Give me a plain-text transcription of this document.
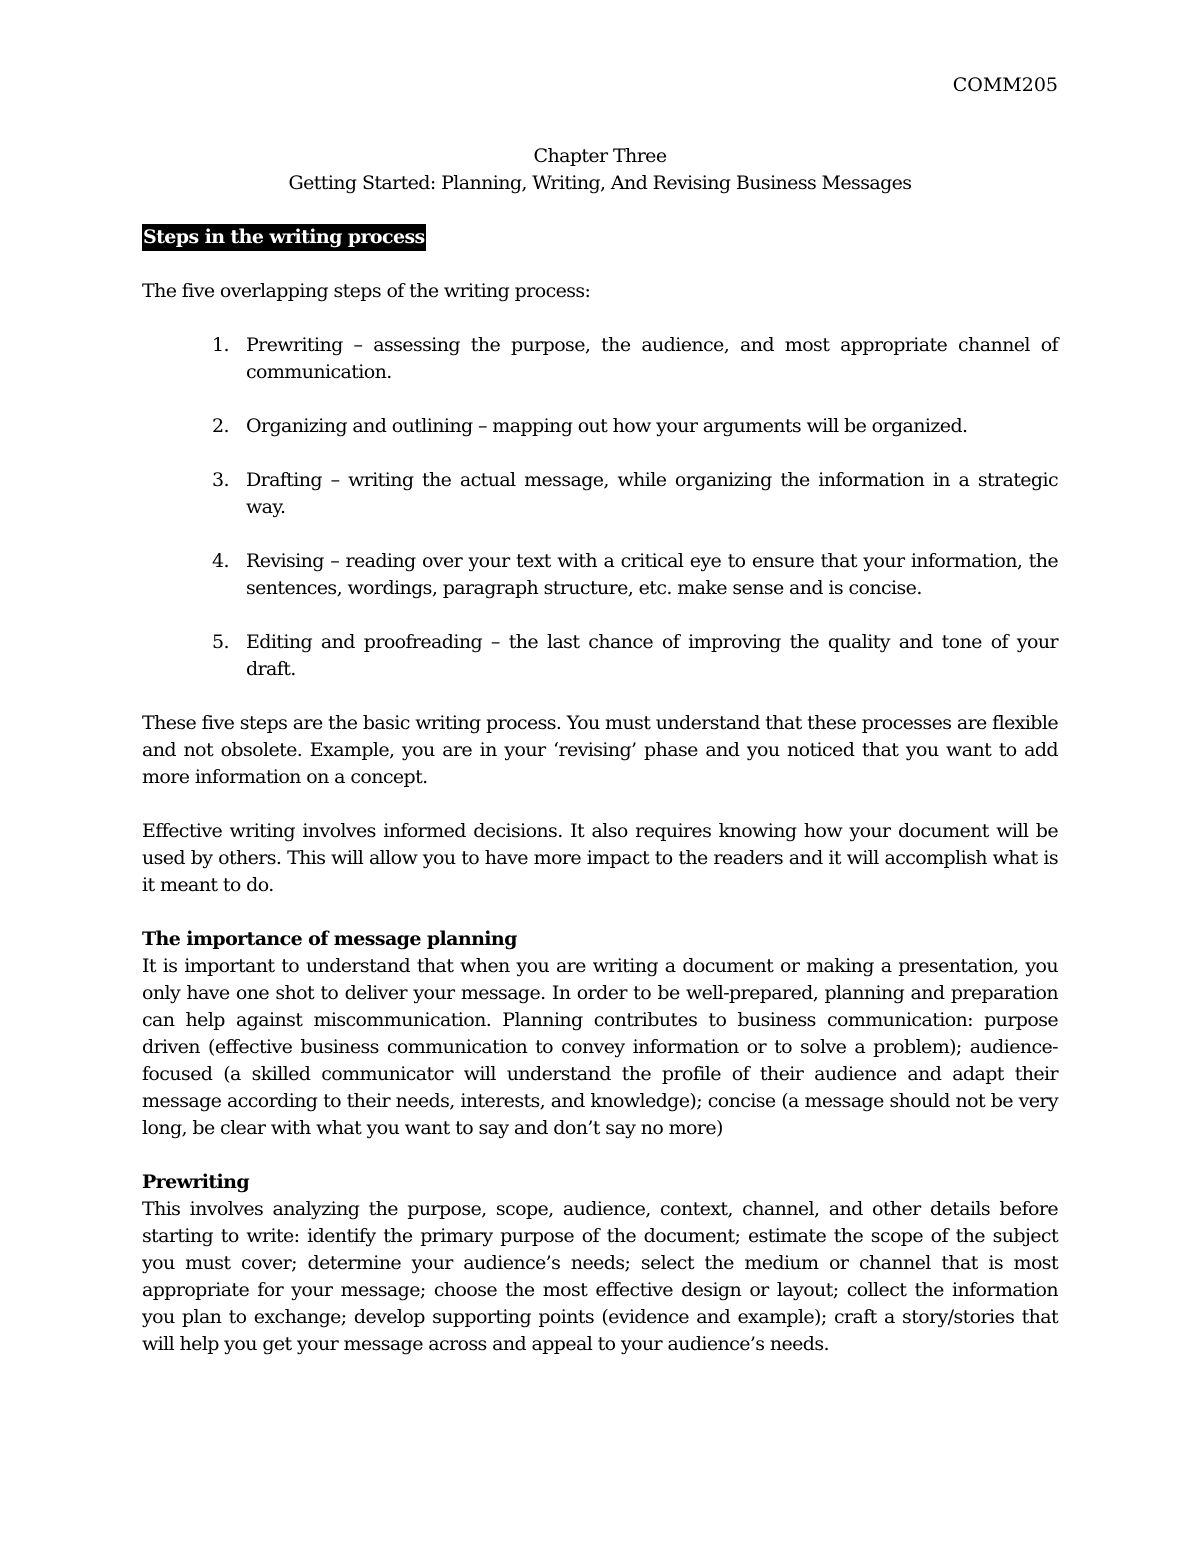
COMM205
Chapter Three
Getting Started: Planning, Writing, And Revising Business Messages
Steps in the writing process

The five overlapping steps of the writing process:

1. Prewriting – assessing the purpose, the audience, and most appropriate channel of communication.
2. Organizing and outlining – mapping out how your arguments will be organized.
3. Drafting – writing the actual message, while organizing the information in a strategic way.
4. Revising – reading over your text with a critical eye to ensure that your information, the sentences, wordings, paragraph structure, etc. make sense and is concise.
5. Editing and proofreading – the last chance of improving the quality and tone of your draft.

These five steps are the basic writing process. You must understand that these processes are flexible and not obsolete. Example, you are in your ‘revising’ phase and you noticed that you want to add more information on a concept.

Effective writing involves informed decisions. It also requires knowing how your document will be used by others. This will allow you to have more impact to the readers and it will accomplish what is it meant to do.

The importance of message planning

It is important to understand that when you are writing a document or making a presentation, you only have one shot to deliver your message. In order to be well-prepared, planning and preparation can help against miscommunication. Planning contributes to business communication: purpose driven (effective business communication to convey information or to solve a problem); audience-focused (a skilled communicator will understand the profile of their audience and adapt their message according to their needs, interests, and knowledge); concise (a message should not be very long, be clear with what you want to say and don’t say no more)

Prewriting

This involves analyzing the purpose, scope, audience, context, channel, and other details before starting to write: identify the primary purpose of the document; estimate the scope of the subject you must cover; determine your audience’s needs; select the medium or channel that is most appropriate for your message; choose the most effective design or layout; collect the information you plan to exchange; develop supporting points (evidence and example); craft a story/stories that will help you get your message across and appeal to your audience’s needs.
